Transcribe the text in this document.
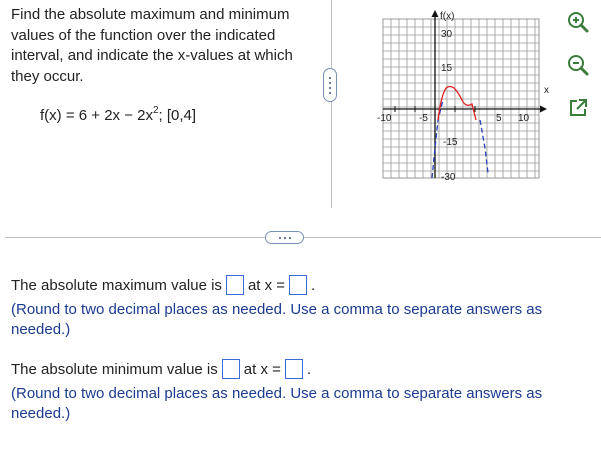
Find the absolute maximum and minimum values of the function over the indicated interval, and indicate the x-values at which they occur.
$f(x) = 6 + 2x - 2x^2$; [0,4]
f(x)
x
-10	-5	5 10
30
15
-15
-30
The absolute maximum value is at x = .
(Round to two decimal places as needed. Use a comma to separate answers as needed.)
The absolute minimum value is at x = .
(Round to two decimal places as needed. Use a comma to separate answers as needed.)
